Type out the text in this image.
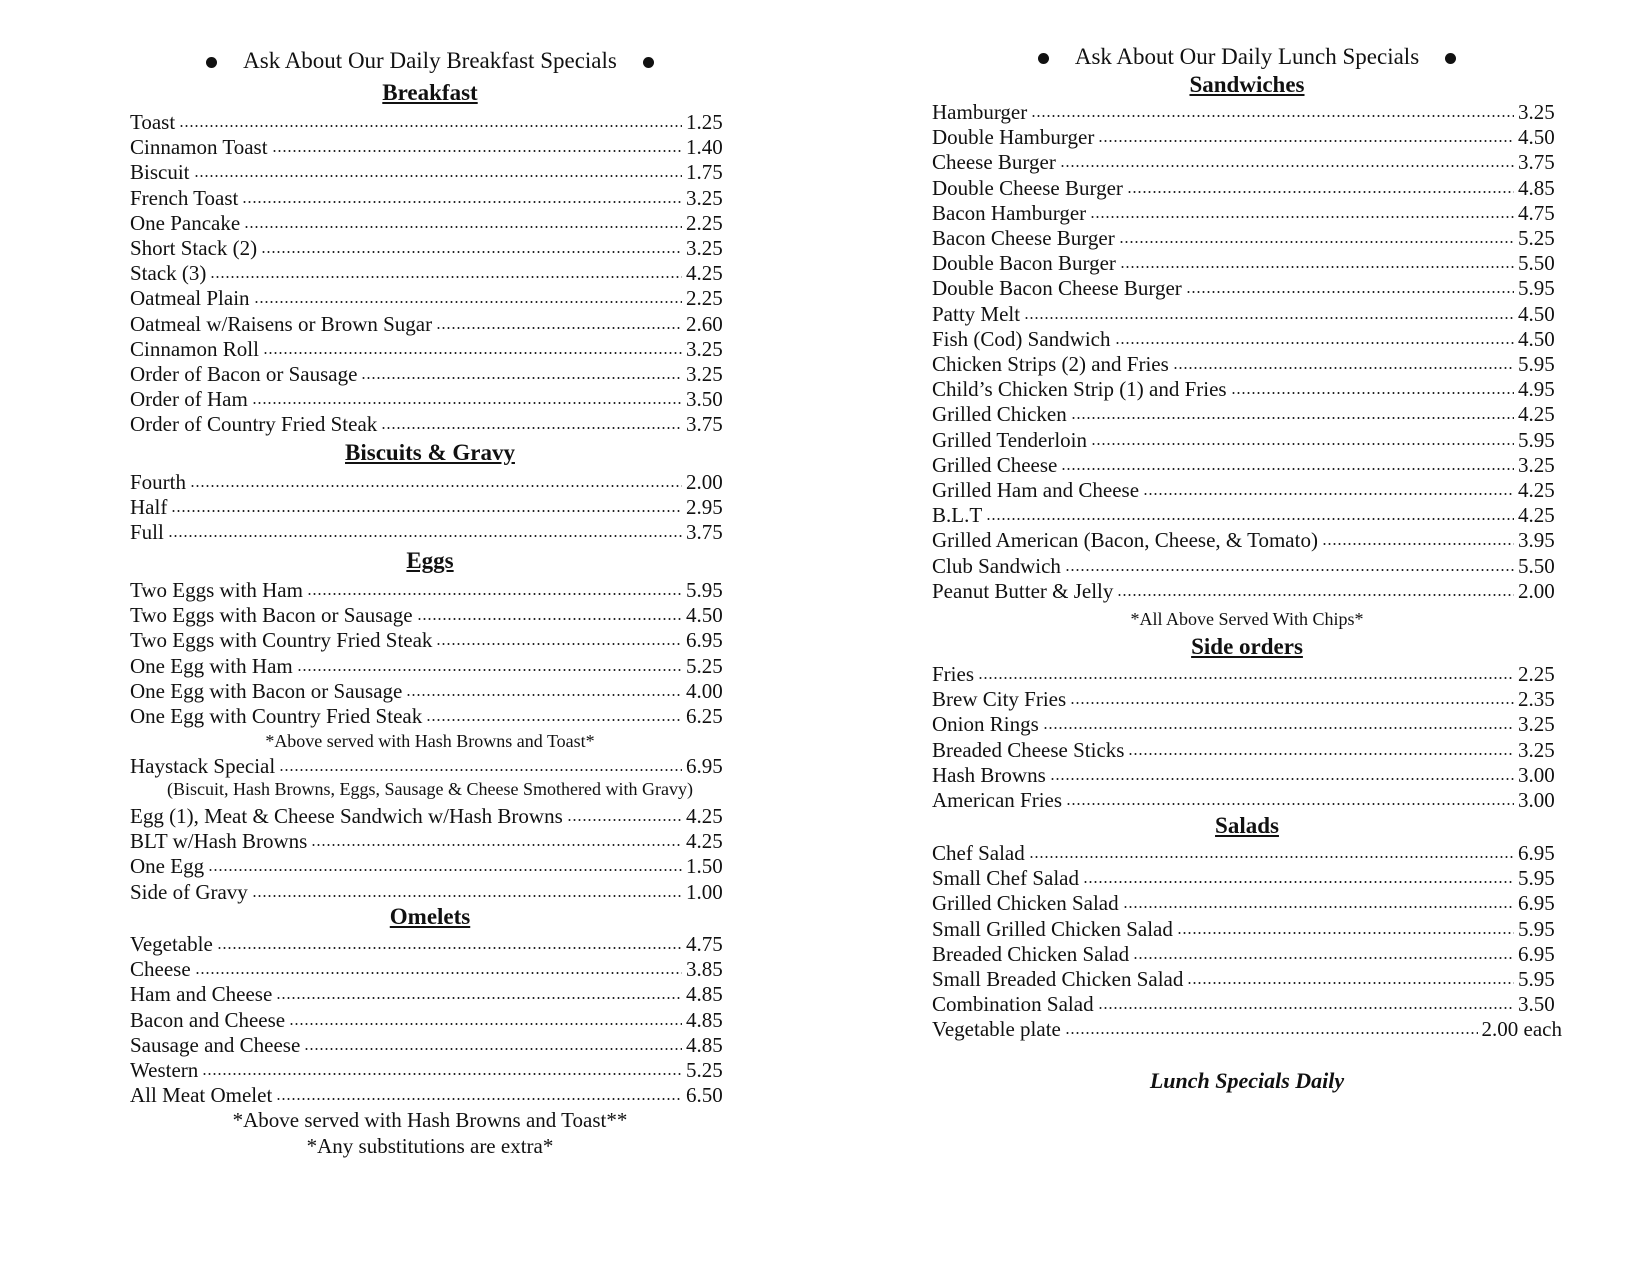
Ask About Our Daily Breakfast Specials
Breakfast
Toast	1.25
Cinnamon Toast	1.40
Biscuit	1.75
French Toast	3.25
One Pancake	2.25
Short Stack (2)	3.25
Stack (3)	4.25
Oatmeal Plain	2.25
Oatmeal w/Raisens or Brown Sugar	2.60
Cinnamon Roll	3.25
Order of Bacon or Sausage	3.25
Order of Ham	3.50
Order of Country Fried Steak	3.75
Biscuits & Gravy
Fourth	2.00
Half	2.95
Full	3.75
Eggs
Two Eggs with Ham	5.95
Two Eggs with Bacon or Sausage	4.50
Two Eggs with Country Fried Steak	6.95
One Egg with Ham	5.25
One Egg with Bacon or Sausage	4.00
One Egg with Country Fried Steak	6.25
*Above served with Hash Browns and Toast*
Haystack Special	6.95
(Biscuit, Hash Browns, Eggs, Sausage & Cheese Smothered with Gravy)
Egg (1), Meat & Cheese Sandwich w/Hash Browns	4.25
BLT w/Hash Browns	4.25
One Egg	1.50
Side of Gravy	1.00
Omelets
Vegetable	4.75
Cheese	3.85
Ham and Cheese	4.85
Bacon and Cheese	4.85
Sausage and Cheese	4.85
Western	5.25
All Meat Omelet	6.50
*Above served with Hash Browns and Toast**
*Any substitutions are extra*
Ask About Our Daily Lunch Specials
Sandwiches
Hamburger	3.25
Double Hamburger	4.50
Cheese Burger	3.75
Double Cheese Burger	4.85
Bacon Hamburger	4.75
Bacon Cheese Burger	5.25
Double Bacon Burger	5.50
Double Bacon Cheese Burger	5.95
Patty Melt	4.50
Fish (Cod) Sandwich	4.50
Chicken Strips (2) and Fries	5.95
Child’s Chicken Strip (1) and Fries	4.95
Grilled Chicken	4.25
Grilled Tenderloin	5.95
Grilled Cheese	3.25
Grilled Ham and Cheese	4.25
B.L.T	4.25
Grilled American (Bacon, Cheese, & Tomato)	3.95
Club Sandwich	5.50
Peanut Butter & Jelly	2.00
*All Above Served With Chips*
Side orders
Fries	2.25
Brew City Fries	2.35
Onion Rings	3.25
Breaded Cheese Sticks	3.25
Hash Browns	3.00
American Fries	3.00
Salads
Chef Salad	6.95
Small Chef Salad	5.95
Grilled Chicken Salad	6.95
Small Grilled Chicken Salad	5.95
Breaded Chicken Salad	6.95
Small Breaded Chicken Salad	5.95
Combination Salad	3.50
Vegetable plate	2.00 each
Lunch Specials Daily
